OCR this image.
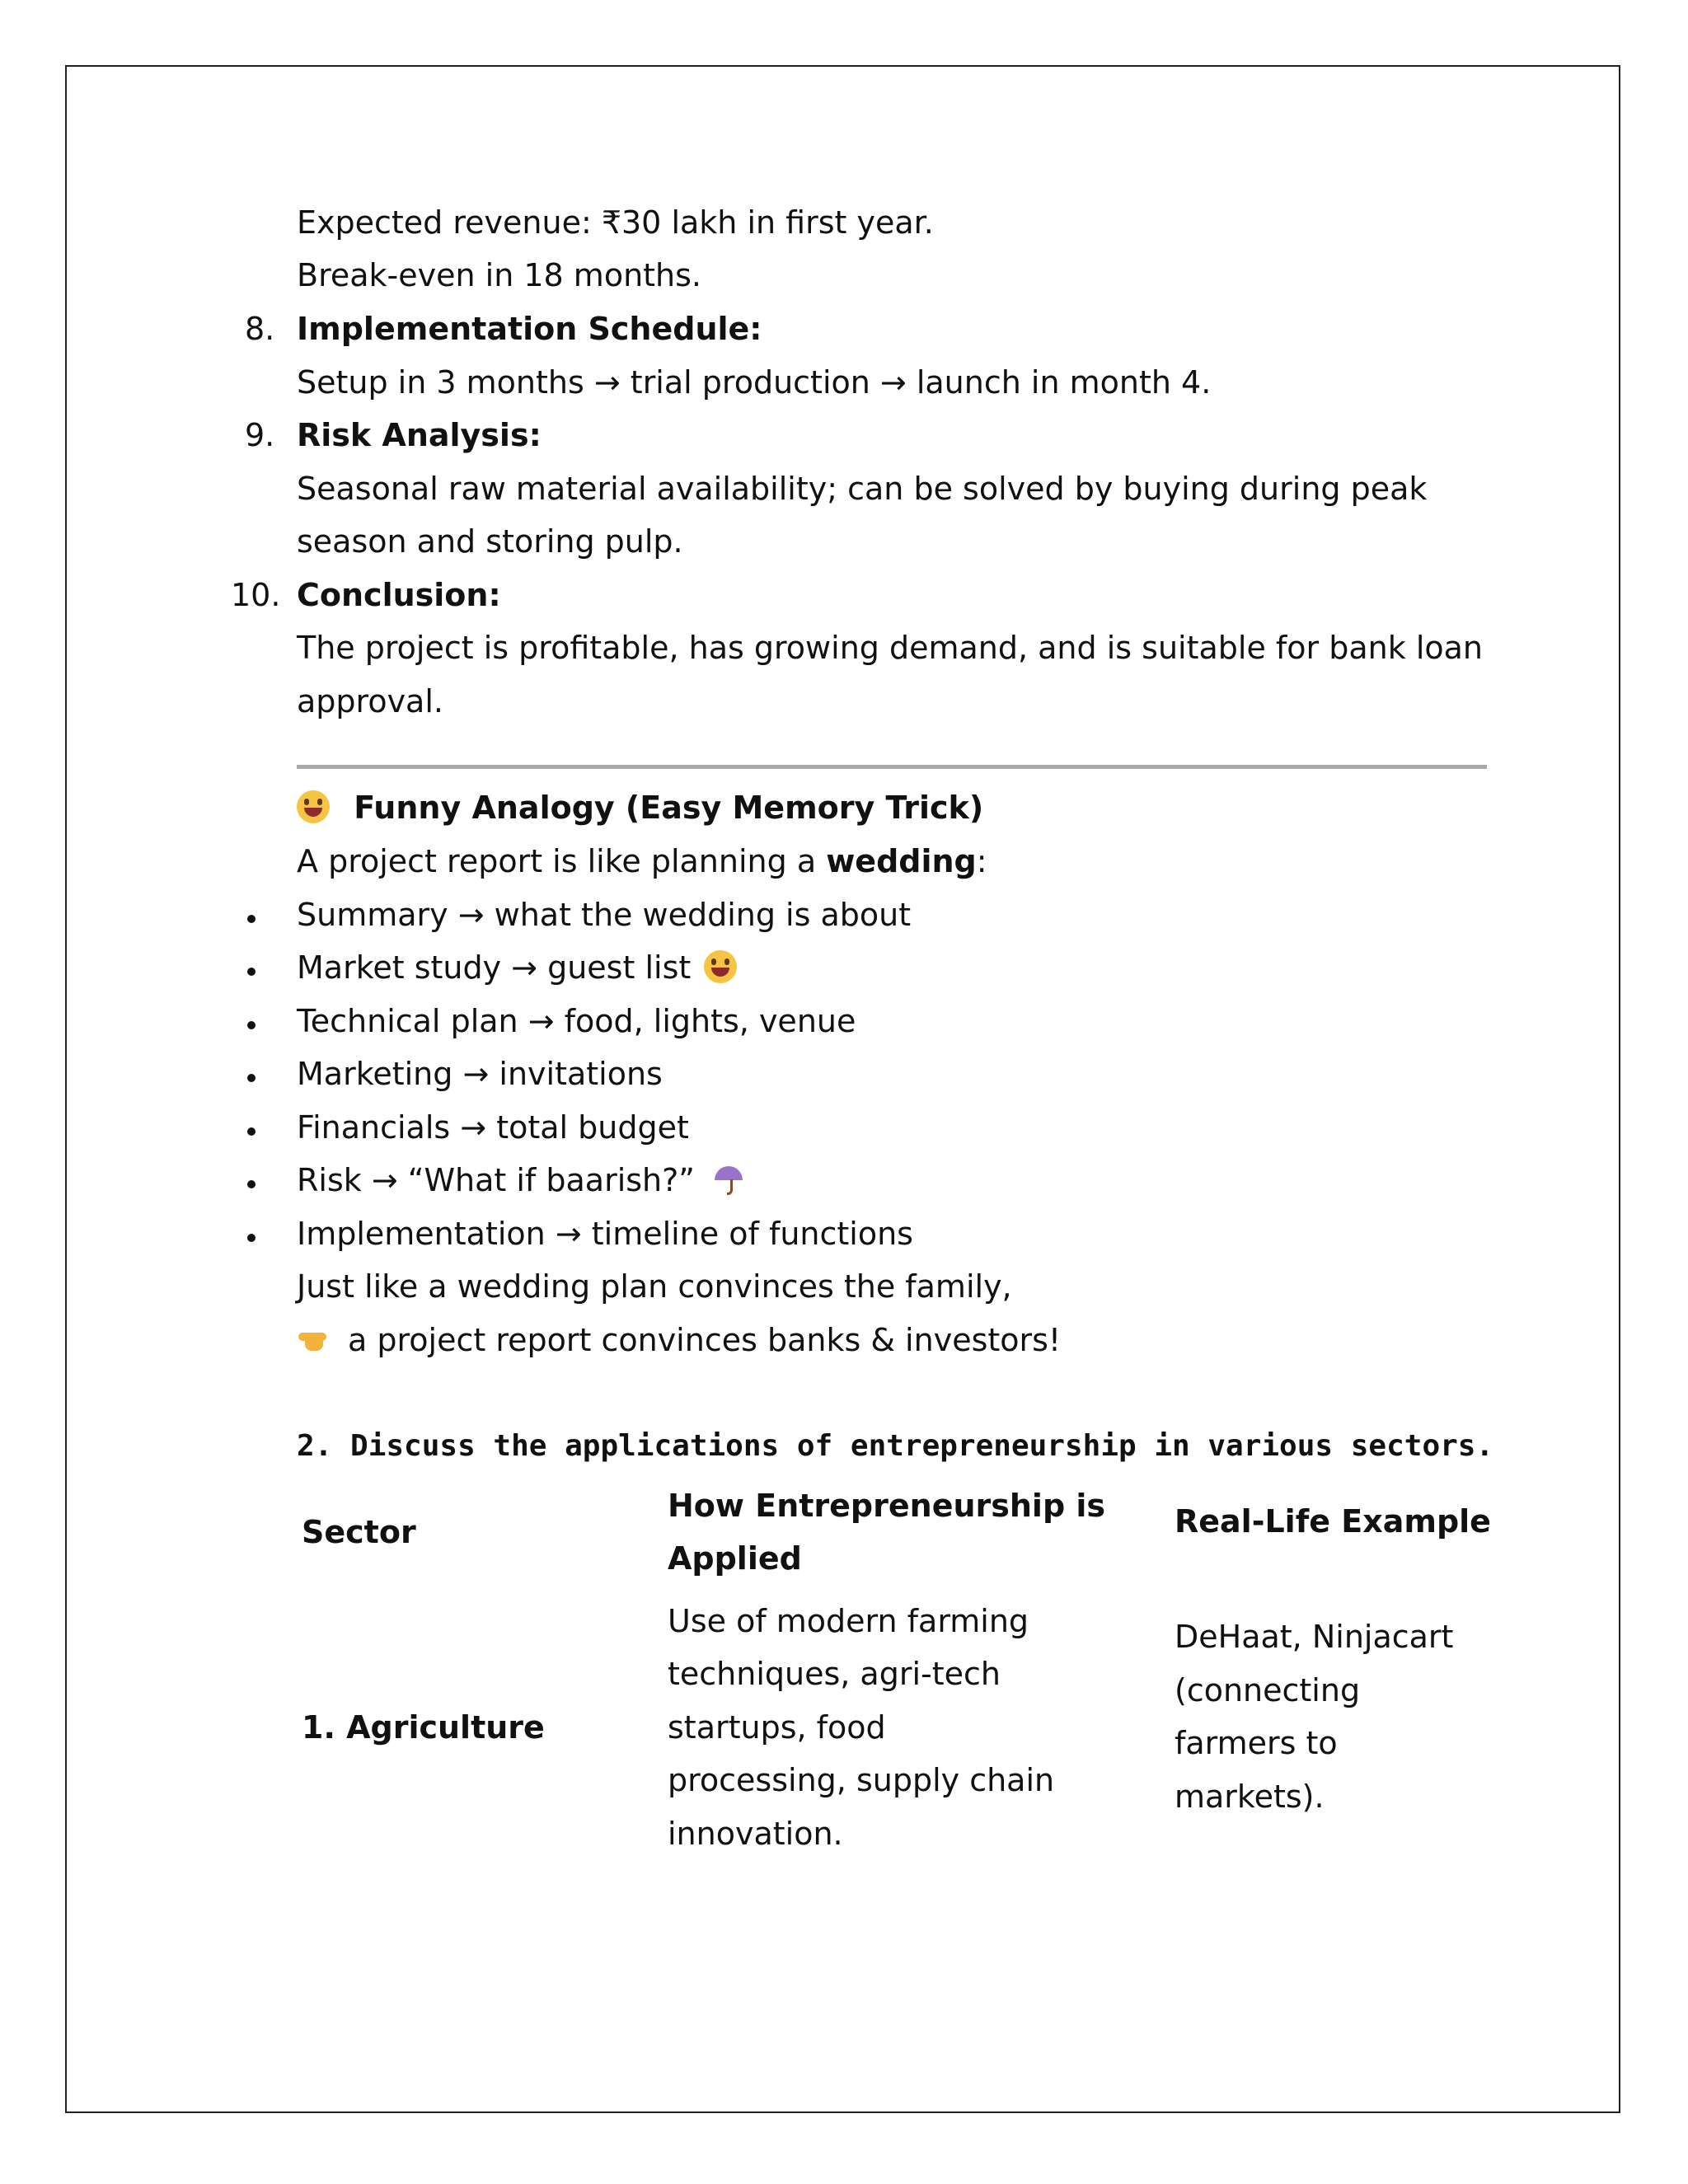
Expected revenue: ₹30 lakh in first year.
Break-even in 18 months.
8. Implementation Schedule:
Setup in 3 months → trial production → launch in month 4.
9. Risk Analysis:
Seasonal raw material availability; can be solved by buying during peak
season and storing pulp.
10. Conclusion:
The project is profitable, has growing demand, and is suitable for bank loan
approval.
Funny Analogy (Easy Memory Trick)
A project report is like planning a wedding:
Summary → what the wedding is about
Market study → guest list
Technical plan → food, lights, venue
Marketing → invitations
Financials → total budget
Risk → “What if baarish?”
Implementation → timeline of functions
Just like a wedding plan convinces the family,
a project report convinces banks & investors!
2. Discuss the applications of entrepreneurship in various sectors.
Sector
How Entrepreneurship is
Applied
Real-Life Example
1. Agriculture
Use of modern farming
techniques, agri-tech
startups, food
processing, supply chain
innovation.
DeHaat, Ninjacart
(connecting
farmers to
markets).
